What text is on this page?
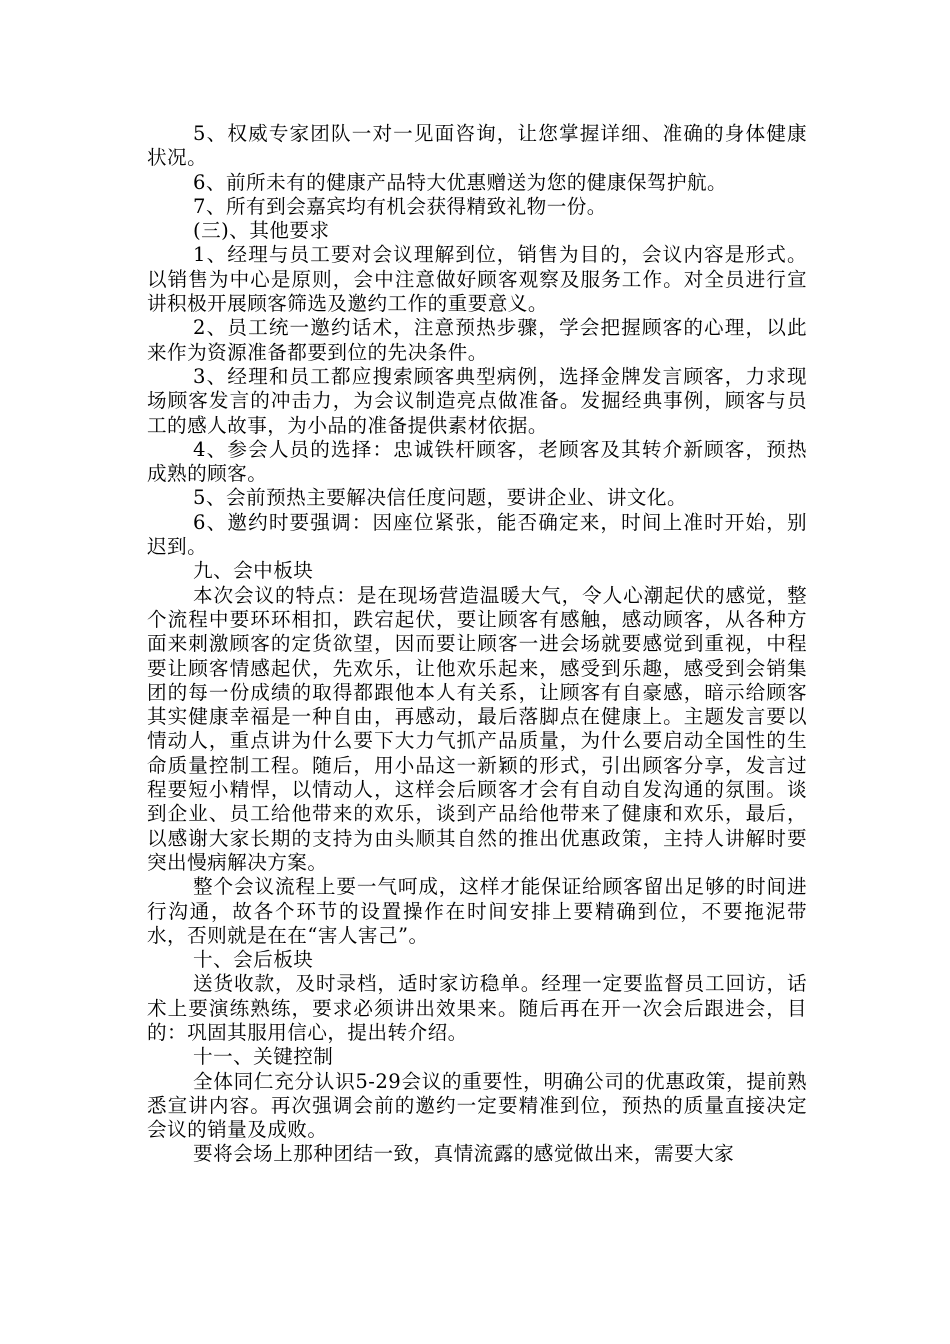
5、权威专家团队一对一见面咨询，让您掌握详细、准确的身体健康状况。

6、前所未有的健康产品特大优惠赠送为您的健康保驾护航。

7、所有到会嘉宾均有机会获得精致礼物一份。

(三)、其他要求

1、经理与员工要对会议理解到位，销售为目的，会议内容是形式。以销售为中心是原则，会中注意做好顾客观察及服务工作。对全员进行宣讲积极开展顾客筛选及邀约工作的重要意义。

2、员工统一邀约话术，注意预热步骤，学会把握顾客的心理，以此来作为资源准备都要到位的先决条件。

3、经理和员工都应搜索顾客典型病例，选择金牌发言顾客，力求现场顾客发言的冲击力，为会议制造亮点做准备。发掘经典事例，顾客与员工的感人故事，为小品的准备提供素材依据。

4、参会人员的选择：忠诚铁杆顾客，老顾客及其转介新顾客，预热成熟的顾客。

5、会前预热主要解决信任度问题，要讲企业、讲文化。

6、邀约时要强调：因座位紧张，能否确定来，时间上准时开始，别迟到。

九、会中板块

本次会议的特点：是在现场营造温暖大气，令人心潮起伏的感觉，整个流程中要环环相扣，跌宕起伏，要让顾客有感触，感动顾客，从各种方面来刺激顾客的定货欲望，因而要让顾客一进会场就要感觉到重视，中程要让顾客情感起伏，先欢乐，让他欢乐起来，感受到乐趣，感受到会销集团的每一份成绩的取得都跟他本人有关系，让顾客有自豪感，暗示给顾客其实健康幸福是一种自由，再感动，最后落脚点在健康上。主题发言要以情动人，重点讲为什么要下大力气抓产品质量，为什么要启动全国性的生命质量控制工程。随后，用小品这一新颖的形式，引出顾客分享，发言过程要短小精悍，以情动人，这样会后顾客才会有自动自发沟通的氛围。谈到企业、员工给他带来的欢乐，谈到产品给他带来了健康和欢乐，最后，以感谢大家长期的支持为由头顺其自然的推出优惠政策，主持人讲解时要突出慢病解决方案。

整个会议流程上要一气呵成，这样才能保证给顾客留出足够的时间进行沟通，故各个环节的设置操作在时间安排上要精确到位，不要拖泥带水，否则就是在在“害人害己”。

十、会后板块

送货收款，及时录档，适时家访稳单。经理一定要监督员工回访，话术上要演练熟练，要求必须讲出效果来。随后再在开一次会后跟进会，目的：巩固其服用信心，提出转介绍。

十一、关键控制

全体同仁充分认识5-29会议的重要性，明确公司的优惠政策，提前熟悉宣讲内容。再次强调会前的邀约一定要精准到位，预热的质量直接决定会议的销量及成败。

要将会场上那种团结一致，真情流露的感觉做出来，需要大家
